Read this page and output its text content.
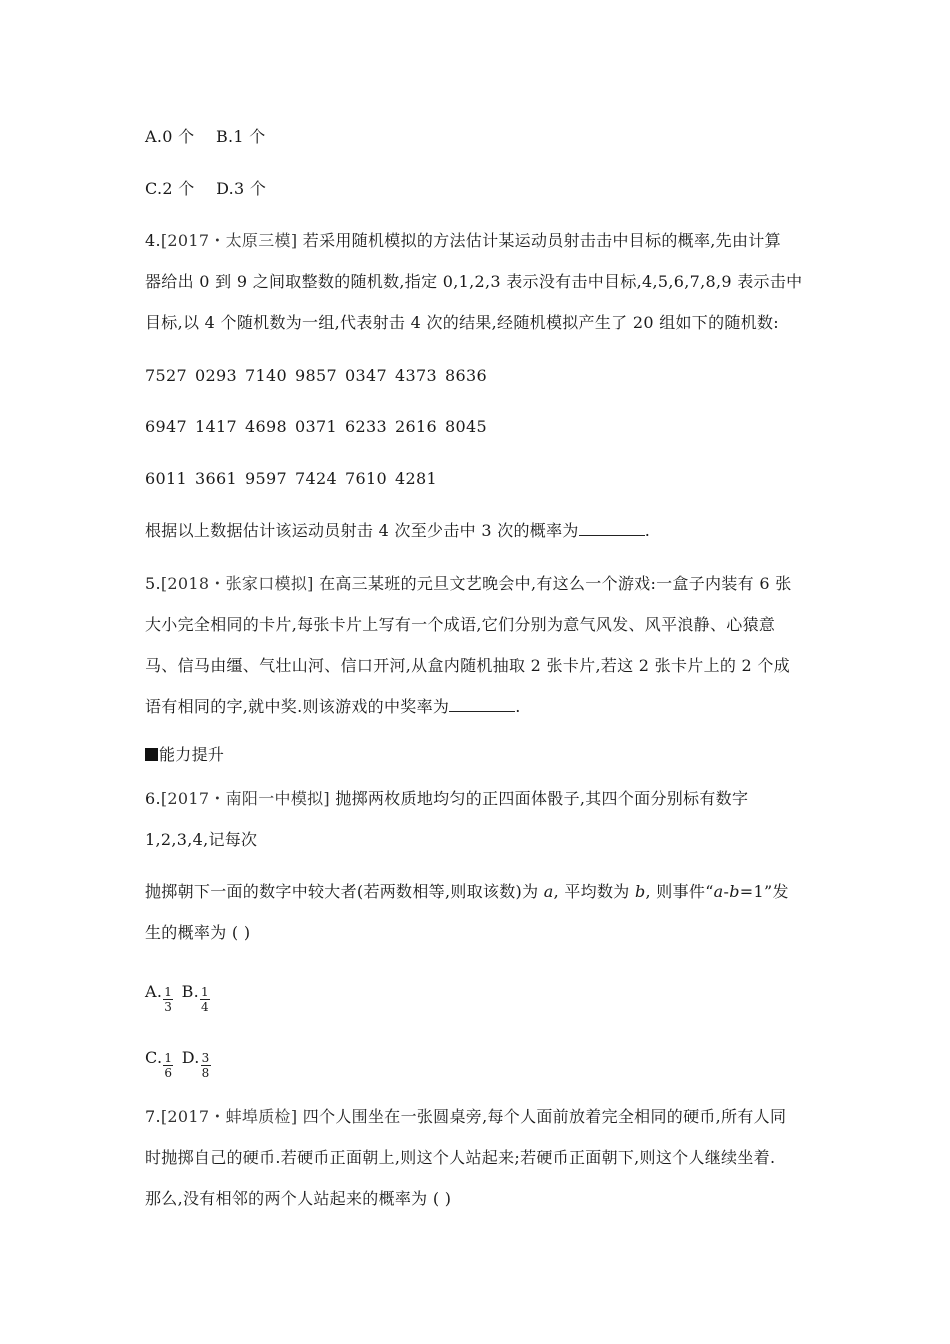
A.0 个 B.1 个
C.2 个 D.3 个
4.[2017・太原三模] 若采用随机模拟的方法估计某运动员射击击中目标的概率,先由计算
器给出 0 到 9 之间取整数的随机数,指定 0,1,2,3 表示没有击中目标,4,5,6,7,8,9 表示击中
目标,以 4 个随机数为一组,代表射击 4 次的结果,经随机模拟产生了 20 组如下的随机数:
7527 0293 7140 9857 0347 4373 8636
6947 1417 4698 0371 6233 2616 8045
6011 3661 9597 7424 7610 4281
根据以上数据估计该运动员射击 4 次至少击中 3 次的概率为	.
5.[2018・张家口模拟] 在高三某班的元旦文艺晚会中,有这么一个游戏:一盒子内装有 6 张
大小完全相同的卡片,每张卡片上写有一个成语,它们分别为意气风发、风平浪静、心猿意
马、信马由缰、气壮山河、信口开河,从盒内随机抽取 2 张卡片,若这 2 张卡片上的 2 个成
语有相同的字,就中奖.则该游戏的中奖率为	.
能力提升
6.[2017・南阳一中模拟] 抛掷两枚质地均匀的正四面体骰子,其四个面分别标有数字
1,2,3,4,记每次
抛掷朝下一面的数字中较大者(若两数相等,则取该数)为 a, 平均数为 b, 则事件“a-b=1”发
生的概率为 ( )
A. $\frac{1}{3} B$. $\frac{1}{4}$
C. $\frac{1}{6} D$. $\frac{3}{8}$
7.[2017・蚌埠质检] 四个人围坐在一张圆桌旁,每个人面前放着完全相同的硬币,所有人同
时抛掷自己的硬币.若硬币正面朝上,则这个人站起来;若硬币正面朝下,则这个人继续坐着.
那么,没有相邻的两个人站起来的概率为 ( )
